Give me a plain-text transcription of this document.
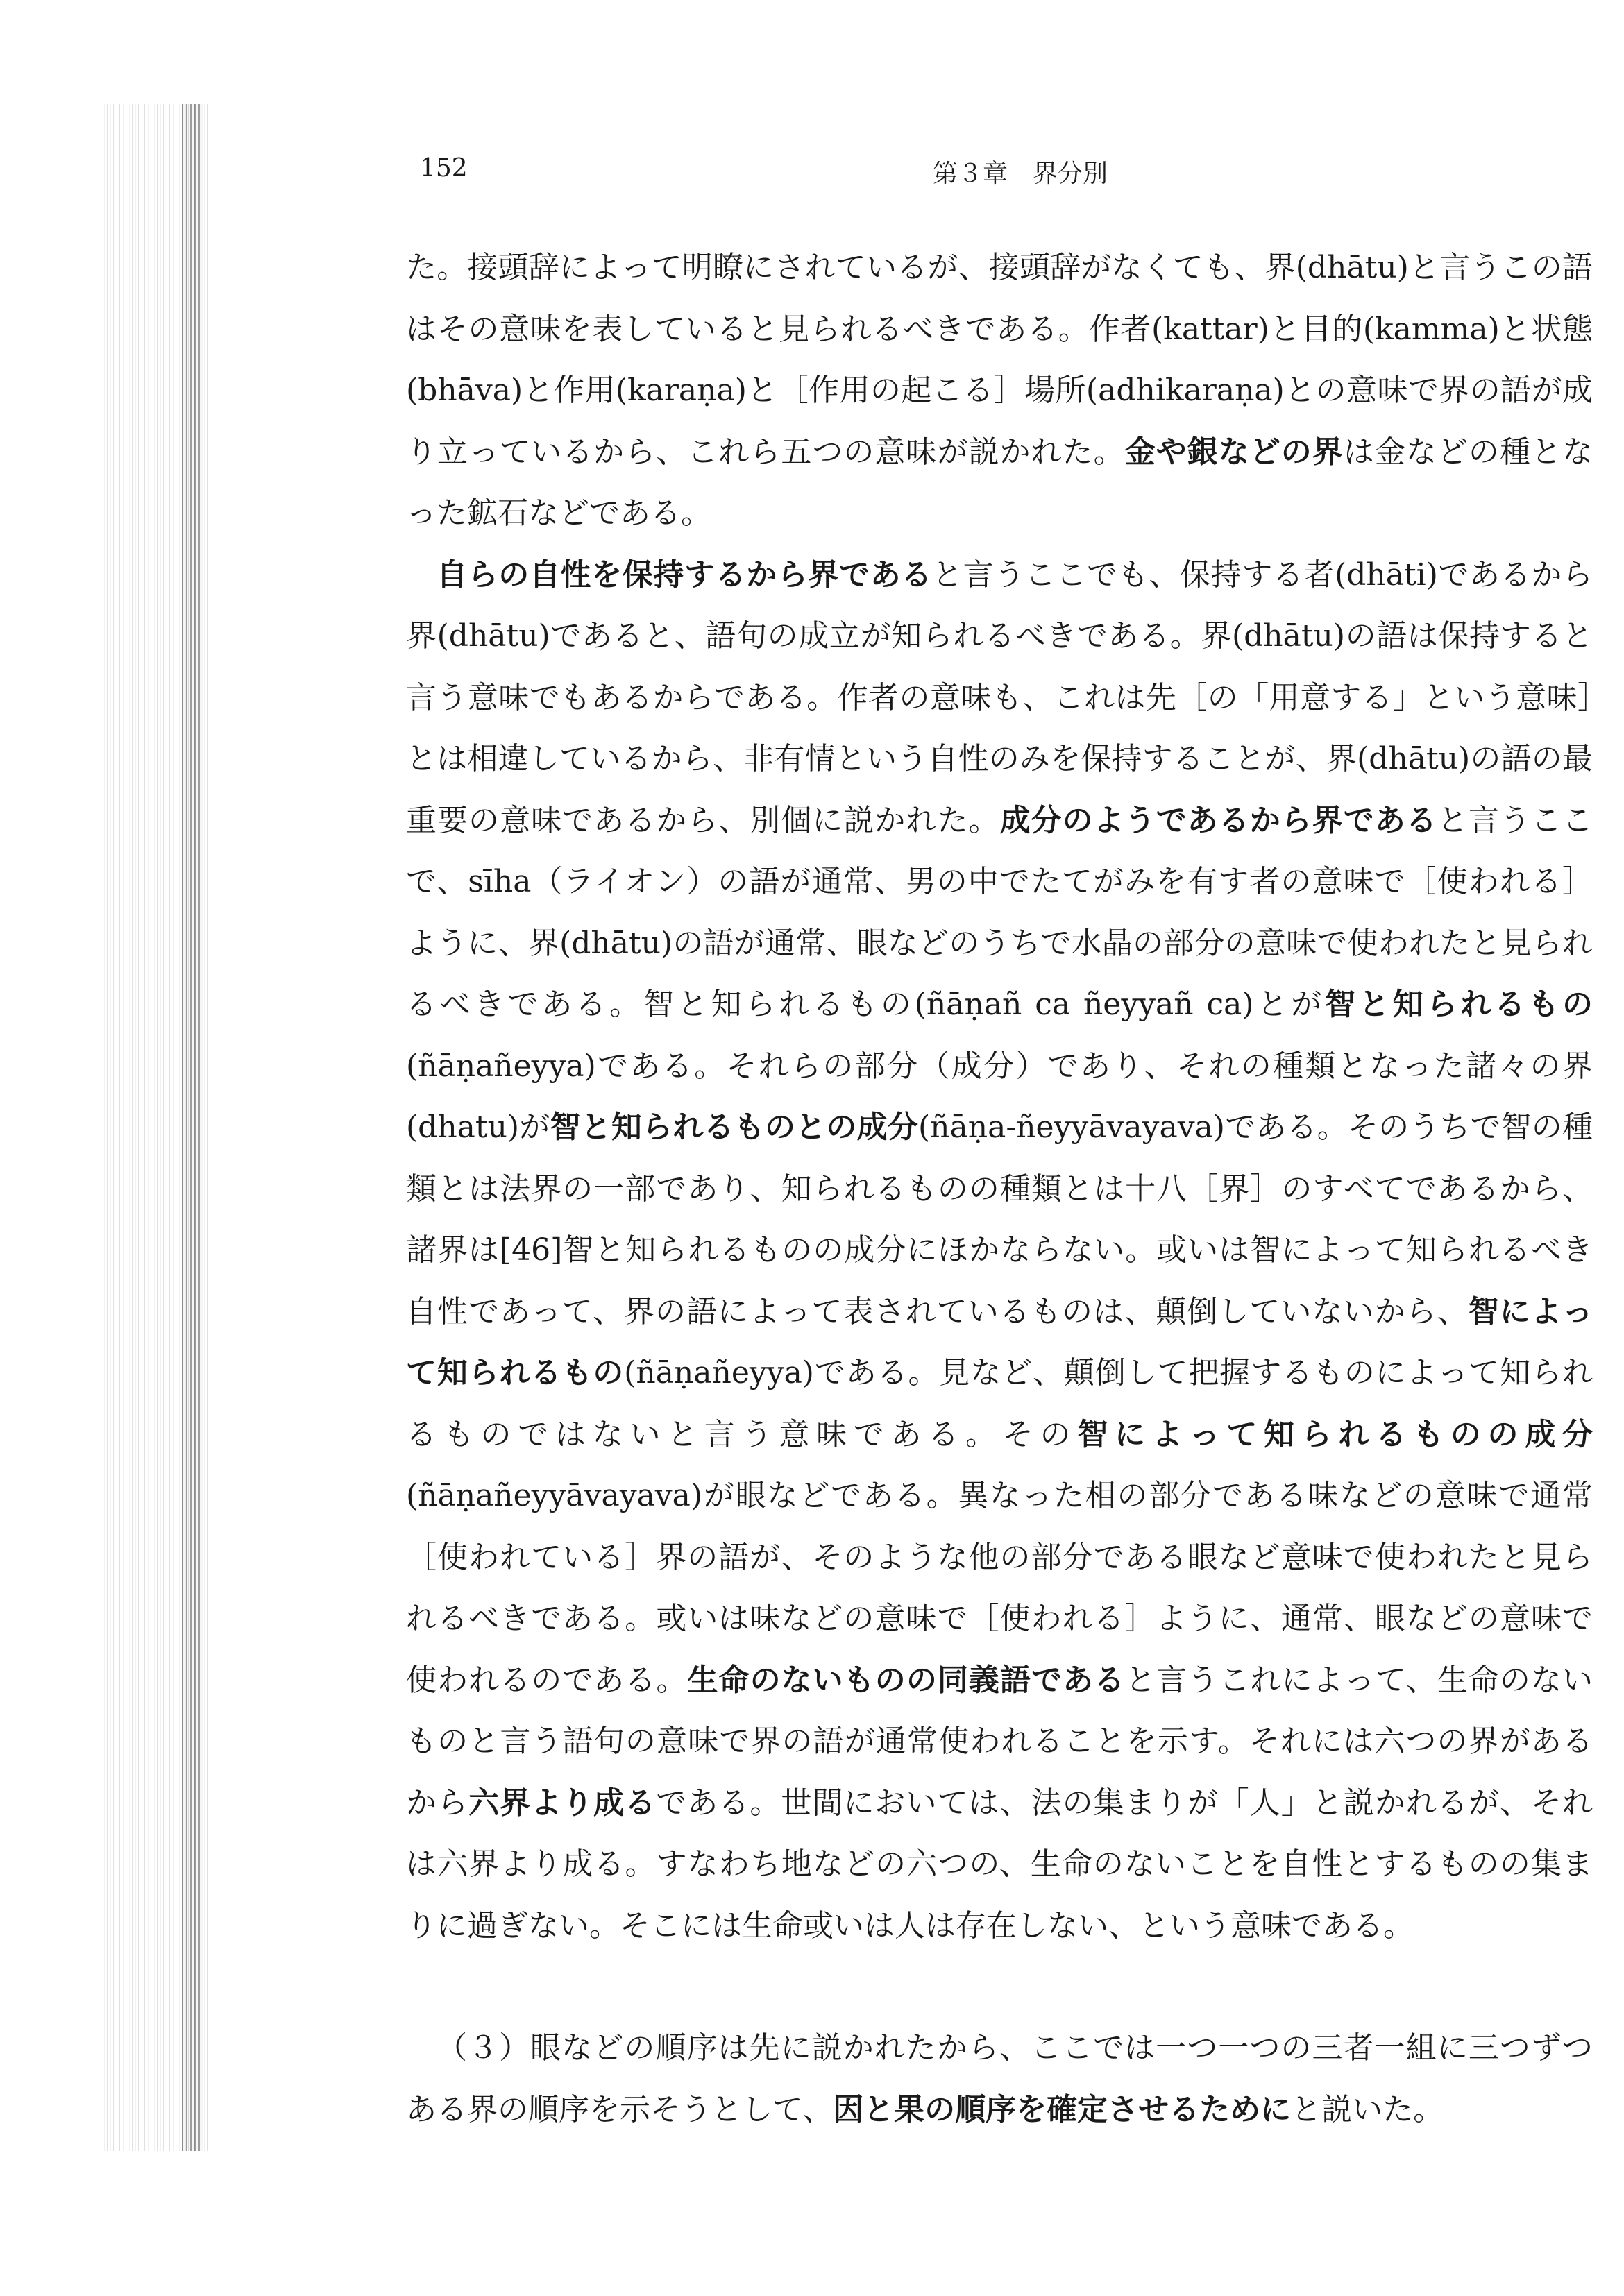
152	第３章　界分別

た。接頭辞によって明瞭にされているが、接頭辞がなくても、界(dhātu)と言うこの語はその意味を表していると見られるべきである。作者(kattar)と目的(kamma)と状態(bhāva)と作用(karaṇa)と［作用の起こる］場所(adhikaraṇa)との意味で界の語が成り立っているから、これら五つの意味が説かれた。金や銀などの界は金などの種となった鉱石などである。

自らの自性を保持するから界であると言うここでも、保持する者(dhāti)であるから界(dhātu)であると、語句の成立が知られるべきである。界(dhātu)の語は保持すると言う意味でもあるからである。作者の意味も、これは先［の「用意する」という意味］とは相違しているから、非有情という自性のみを保持することが、界(dhātu)の語の最重要の意味であるから、別個に説かれた。成分のようであるから界であると言うここで、sīha（ライオン）の語が通常、男の中でたてがみを有す者の意味で［使われる］ように、界(dhātu)の語が通常、眼などのうちで水晶の部分の意味で使われたと見られるべきである。智と知られるもの(ñāṇañ ca ñeyyañ ca)とが智と知られるもの(ñāṇañeyya)である。それらの部分（成分）であり、それの種類となった諸々の界(dhatu)が智と知られるものとの成分(ñāṇa-ñeyyāvayava)である。そのうちで智の種類とは法界の一部であり、知られるものの種類とは十八［界］のすべてであるから、諸界は[46]智と知られるものの成分にほかならない。或いは智によって知られるべき自性であって、界の語によって表されているものは、顛倒していないから、智によって知られるもの(ñāṇañeyya)である。見など、顛倒して把握するものによって知られるものではないと言う意味である。その智によって知られるものの成分(ñāṇañeyyāvayava)が眼などである。異なった相の部分である味などの意味で通常［使われている］界の語が、そのような他の部分である眼など意味で使われたと見られるべきである。或いは味などの意味で［使われる］ように、通常、眼などの意味で使われるのである。生命のないものの同義語であると言うこれによって、生命のないものと言う語句の意味で界の語が通常使われることを示す。それには六つの界があるから六界より成るである。世間においては、法の集まりが「人」と説かれるが、それは六界より成る。すなわち地などの六つの、生命のないことを自性とするものの集まりに過ぎない。そこには生命或いは人は存在しない、という意味である。

（３）眼などの順序は先に説かれたから、ここでは一つ一つの三者一組に三つずつある界の順序を示そうとして、因と果の順序を確定させるためにと説いた。
